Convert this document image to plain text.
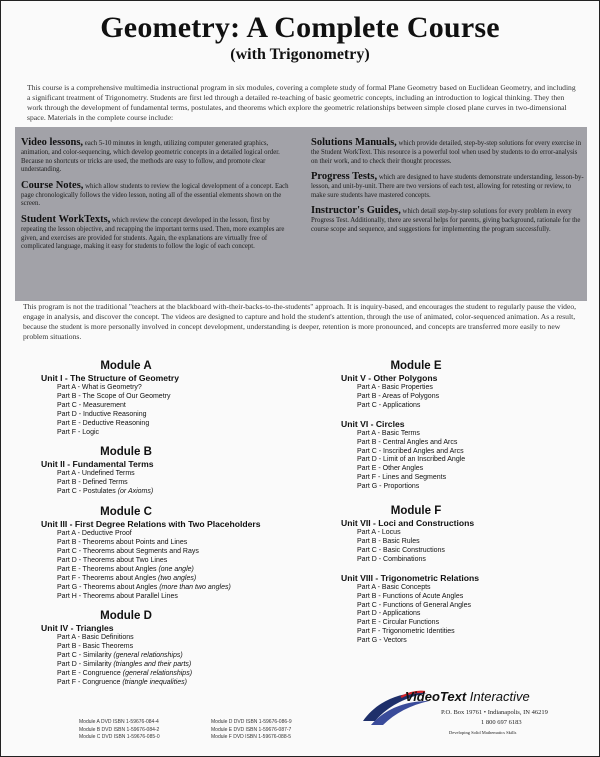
Geometry: A Complete Course
(with Trigonometry)

This course is a comprehensive multimedia instructional program in six modules, covering a complete study of formal Plane Geometry based on Euclidean Geometry, and including a significant treatment of Trigonometry. Students are first led through a detailed re-teaching of basic geometric concepts, including an introduction to logical thinking. They then work through the development of fundamental terms, postulates, and theorems which explore the geometric relationships between simple closed plane curves in two-dimensional space. Materials in the complete course include:

Video lessons, each 5-10 minutes in length, utilizing computer generated graphics, animation, and color-sequencing, which develop geometric concepts in a detailed logical order. Because no shortcuts or tricks are used, the methods are easy to follow, and promote clear understanding.

Course Notes, which allow students to review the logical development of a concept. Each page chronologically follows the video lesson, noting all of the essential elements shown on the screen.

Student WorkTexts, which review the concept developed in the lesson, first by repeating the lesson objective, and recapping the important terms used. Then, more examples are given, and exercises are provided for students. Again, the explanations are virtually free of complicated language, making it easy for students to follow the logic of each concept.

Solutions Manuals, which provide detailed, step-by-step solutions for every exercise in the Student WorkText. This resource is a powerful tool when used by students to do error-analysis on their work, and to check their thought processes.

Progress Tests, which are designed to have students demonstrate understanding, lesson-by-lesson, and unit-by-unit. There are two versions of each test, allowing for retesting or review, to make sure students have mastered concepts.

Instructor's Guides, which detail step-by-step solutions for every problem in every Progress Test. Additionally, there are several helps for parents, giving background, rationale for the course scope and sequence, and suggestions for implementing the program successfully.

This program is not the traditional "teachers at the blackboard with-their-backs-to-the-students" approach. It is inquiry-based, and encourages the student to regularly pause the video, engage in analysis, and discover the concept. The videos are designed to capture and hold the student's attention, through the use of animated, color-sequenced animation. As a result, because the student is more personally involved in concept development, understanding is deeper, retention is more pronounced, and concepts are transferred more easily to new problem situations.

Module A
Unit I - The Structure of Geometry
Part A - What is Geometry?
Part B - The Scope of Our Geometry
Part C - Measurement
Part D - Inductive Reasoning
Part E - Deductive Reasoning
Part F - Logic
Module B
Unit II - Fundamental Terms
Part A - Undefined Terms
Part B - Defined Terms
Part C - Postulates (or Axioms)
Module C
Unit III - First Degree Relations with Two Placeholders
Part A - Deductive Proof
Part B - Theorems about Points and Lines
Part C - Theorems about Segments and Rays
Part D - Theorems about Two Lines
Part E - Theorems about Angles (one angle)
Part F - Theorems about Angles (two angles)
Part G - Theorems about Angles (more than two angles)
Part H - Theorems about Parallel Lines
Module D
Unit IV - Triangles
Part A - Basic Definitions
Part B - Basic Theorems
Part C - Similarity (general relationships)
Part D - Similarity (triangles and their parts)
Part E - Congruence (general relationships)
Part F - Congruence (triangle inequalities)
Module E
Unit V - Other Polygons
Part A - Basic Properties
Part B - Areas of Polygons
Part C - Applications
Unit VI - Circles
Part A - Basic Terms
Part B - Central Angles and Arcs
Part C - Inscribed Angles and Arcs
Part D - Limit of an Inscribed Angle
Part E - Other Angles
Part F - Lines and Segments
Part G - Proportions
Module F
Unit VII - Loci and Constructions
Part A - Locus
Part B - Basic Rules
Part C - Basic Constructions
Part D - Combinations
Unit VIII - Trigonometric Relations
Part A - Basic Concepts
Part B - Functions of Acute Angles
Part C - Functions of General Angles
Part D - Applications
Part E - Circular Functions
Part F - Trigonometric Identities
Part G - Vectors
Module A DVD ISBN 1-59676-084-4
Module B DVD ISBN 1-59676-084-2
Module C DVD ISBN 1-59676-085-0
Module D DVD ISBN 1-59676-086-9
Module E DVD ISBN 1-59676-087-7
Module F DVD ISBN 1-59676-088-5
VideoText Interactive
P.O. Box 19761 • Indianapolis, IN 46219
1 800 697 6183
Developing Solid Mathematics Skills
